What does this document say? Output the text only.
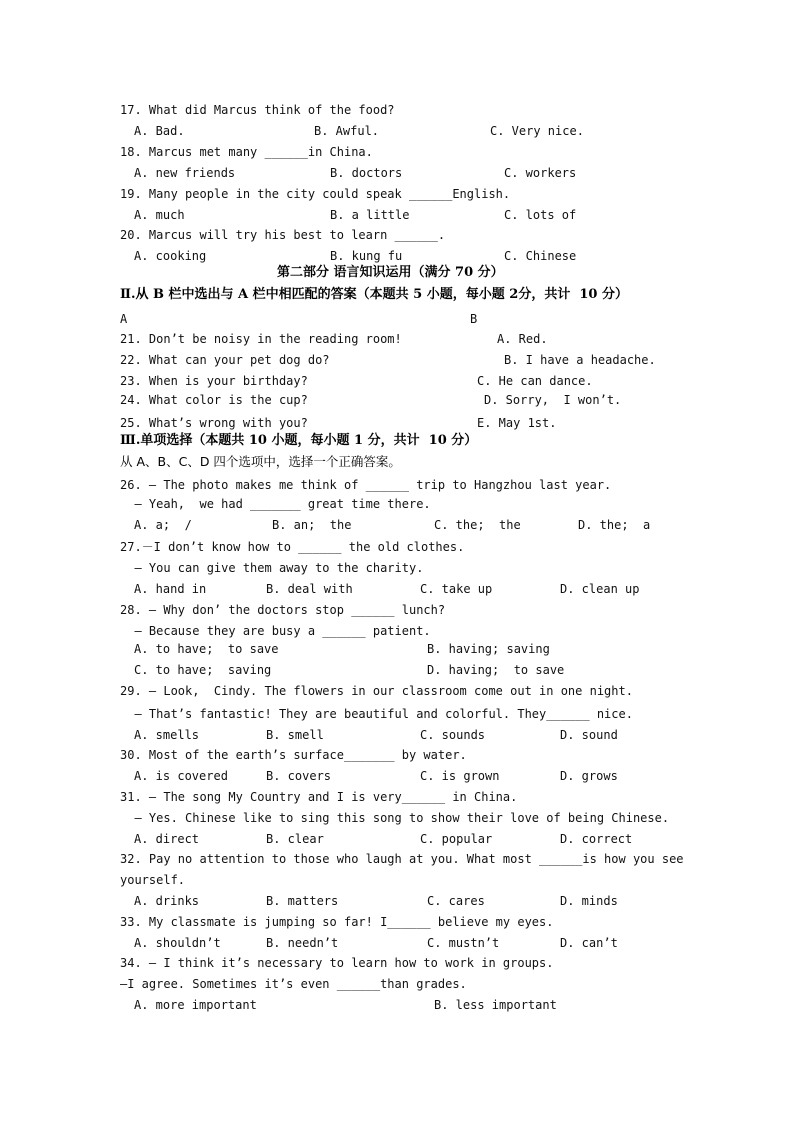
17. What did Marcus think of the food?
A. Bad.	B. Awful.	C. Very nice.
18. Marcus met many ______in China.
A. new friends	B. doctors	C. workers
19. Many people in the city could speak ______English.
A. much	B. a little	C. lots of
20. Marcus will try his best to learn ______.
A. cooking	B. kung fu	C. Chinese
第二部分 语言知识运用（满分 70 分）
Ⅱ.从 B 栏中选出与 A 栏中相匹配的答案（本题共 5 小题，每小题 2分，共计  10 分）
A	B
21. Don’t be noisy in the reading room!	A. Red.
22. What can your pet dog do?	B. I have a headache.
23. When is your birthday?	C. He can dance.
24. What color is the cup?	D. Sorry,  I won’t.
25. What’s wrong with you?	E. May 1st.
Ⅲ.单项选择（本题共 10 小题，每小题 1 分，共计  10 分）
从 A、B、C、D 四个选项中，选择一个正确答案。
26. — The photo makes me think of ______ trip to Hangzhou last year.
— Yeah,  we had _______ great time there.
A. a;  /	B. an;  the	C. the;  the	D. the;  a
27.－I don’t know how to ______ the old clothes.
— You can give them away to the charity.
A. hand in	B. deal with	C. take up	D. clean up
28. — Why don’ the doctors stop ______ lunch?
— Because they are busy a ______ patient.
A. to have;  to save	B. having; saving
C. to have;  saving	D. having;  to save
29. — Look,  Cindy. The flowers in our classroom come out in one night.
— That’s fantastic! They are beautiful and colorful. They______ nice.
A. smells	B. smell	C. sounds	D. sound
30. Most of the earth’s surface_______ by water.
A. is covered	B. covers	C. is grown	D. grows
31. — The song My Country and I is very______ in China.
— Yes. Chinese like to sing this song to show their love of being Chinese.
A. direct	B. clear	C. popular	D. correct
32. Pay no attention to those who laugh at you. What most ______is how you see
yourself.
A. drinks	B. matters	C. cares	D. minds
33. My classmate is jumping so far! I______ believe my eyes.
A. shouldn’t	B. needn’t	C. mustn’t	D. can’t
34. — I think it’s necessary to learn how to work in groups.
—I agree. Sometimes it’s even ______than grades.
A. more important	B. less important
